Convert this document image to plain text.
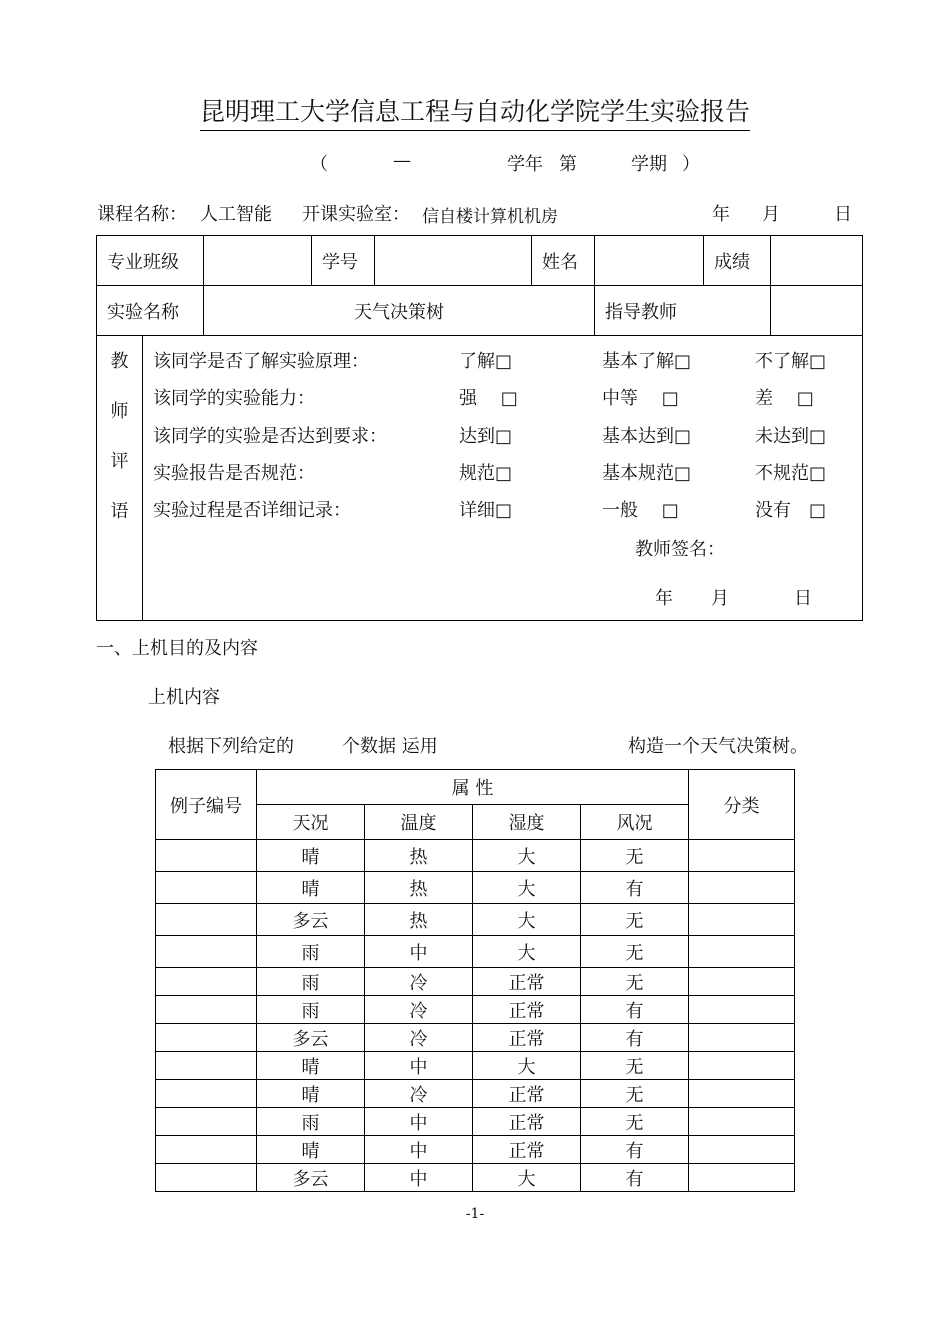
昆明理工大学信息工程与自动化学院学生实验报告
（	—	学年 第	学期 ）
课程名称： 人工智能 开课实验室： 信自楼计算机机房	年 月	日
专业班级		学号		姓名		成绩	
实验名称	天气决策树				指导教师		
教
师
评
语
该同学是否了解实验原理：	了解□	基本了解□	不了解□
该同学的实验能力：	强　 □	中等　 □	差　 □
该同学的实验是否达到要求：	达到□	基本达到□	未达到□
实验报告是否规范：	规范□	基本规范□	不规范□
实验过程是否详细记录：	详细□	一般　 □	没有　□
教师签名：
年 月	日
一、上机目的及内容
上机内容
根据下列给定的	个数据 运用	构造一个天气决策树。
例子编号	属 性				分类
	天况	温度	湿度	风况	
	晴	热	大	无	
	晴	热	大	有	
	多云	热	大	无	
	雨	中	大	无	
	雨	冷	正常	无	
	雨	冷	正常	有	
	多云	冷	正常	有	
	晴	中	大	无	
	晴	冷	正常	无	
	雨	中	正常	无	
	晴	中	正常	有	
	多云	中	大	有	
-1-
